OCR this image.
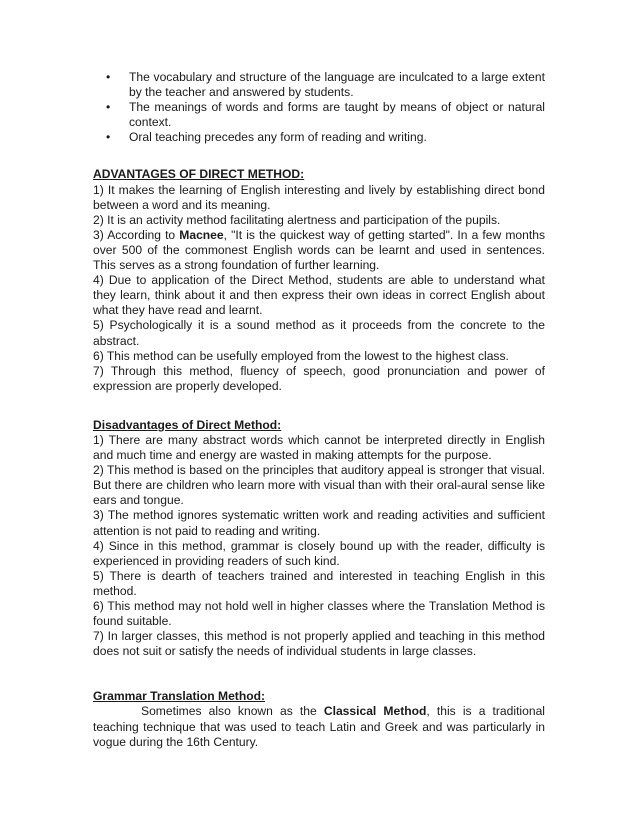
• The vocabulary and structure of the language are inculcated to a large extent by the teacher and answered by students.
• The meanings of words and forms are taught by means of object or natural context.
• Oral teaching precedes any form of reading and writing.

ADVANTAGES OF DIRECT METHOD:

1) It makes the learning of English interesting and lively by establishing direct bond between a word and its meaning.

2) It is an activity method facilitating alertness and participation of the pupils.

3) According to Macnee, "It is the quickest way of getting started". In a few months over 500 of the commonest English words can be learnt and used in sentences. This serves as a strong foundation of further learning.

4) Due to application of the Direct Method, students are able to understand what they learn, think about it and then express their own ideas in correct English about what they have read and learnt.

5) Psychologically it is a sound method as it proceeds from the concrete to the abstract.

6) This method can be usefully employed from the lowest to the highest class.

7) Through this method, fluency of speech, good pronunciation and power of expression are properly developed.

Disadvantages of Direct Method:

1) There are many abstract words which cannot be interpreted directly in English and much time and energy are wasted in making attempts for the purpose.

2) This method is based on the principles that auditory appeal is stronger that visual. But there are children who learn more with visual than with their oral-aural sense like ears and tongue.

3) The method ignores systematic written work and reading activities and sufficient attention is not paid to reading and writing.

4) Since in this method, grammar is closely bound up with the reader, difficulty is experienced in providing readers of such kind.

5) There is dearth of teachers trained and interested in teaching English in this method.

6) This method may not hold well in higher classes where the Translation Method is found suitable.

7) In larger classes, this method is not properly applied and teaching in this method does not suit or satisfy the needs of individual students in large classes.

Grammar Translation Method:

Sometimes also known as the Classical Method, this is a traditional teaching technique that was used to teach Latin and Greek and was particularly in vogue during the 16th Century.
